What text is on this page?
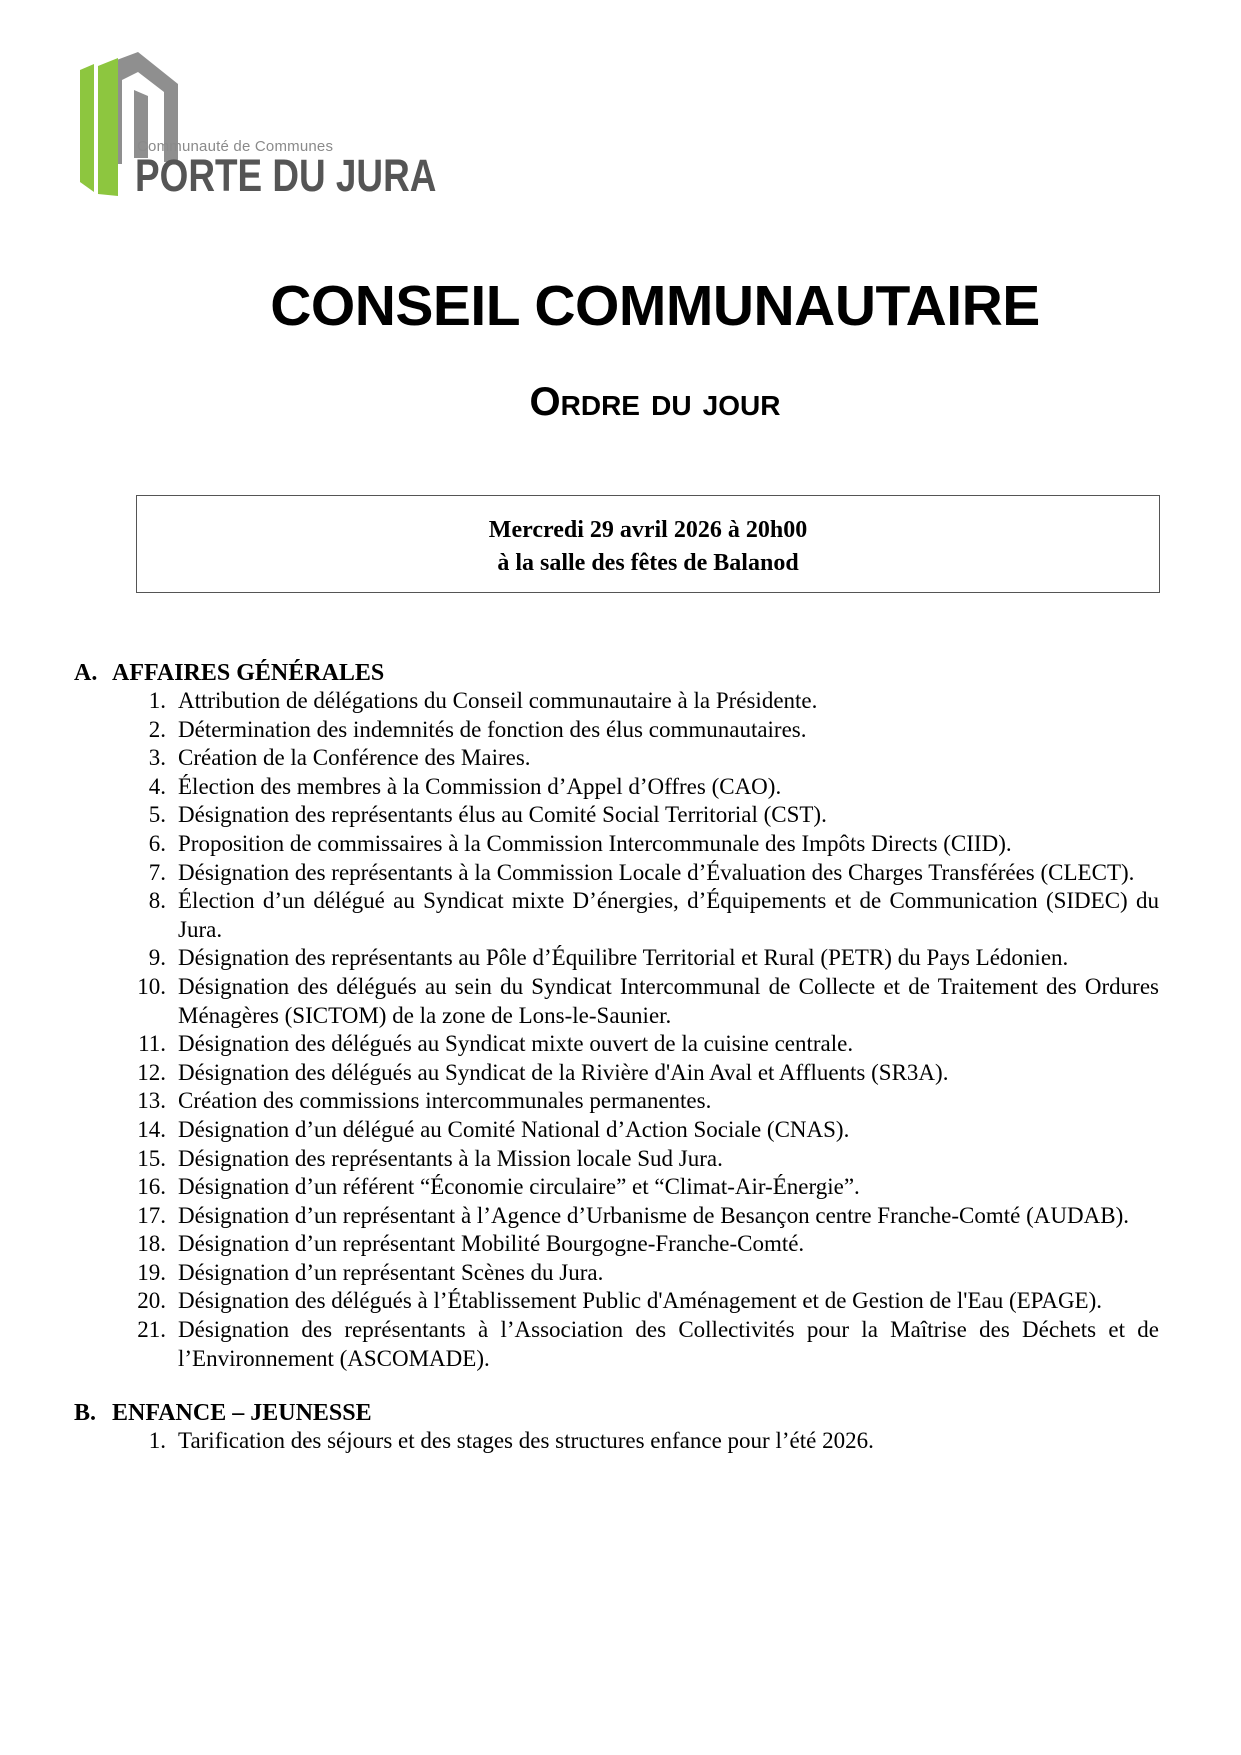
Communauté de Communes
PORTE DU JURA
CONSEIL COMMUNAUTAIRE
Ordre du jour
Mercredi 29 avril 2026 à 20h00
à la salle des fêtes de Balanod
A. AFFAIRES GÉNÉRALES
1. Attribution de délégations du Conseil communautaire à la Présidente.
2. Détermination des indemnités de fonction des élus communautaires.
3. Création de la Conférence des Maires.
4. Élection des membres à la Commission d’Appel d’Offres (CAO).
5. Désignation des représentants élus au Comité Social Territorial (CST).
6. Proposition de commissaires à la Commission Intercommunale des Impôts Directs (CIID).
7. Désignation des représentants à la Commission Locale d’Évaluation des Charges Transférées (CLECT).
8. Élection d’un délégué au Syndicat mixte D’énergies, d’Équipements et de Communication (SIDEC) du Jura.
9. Désignation des représentants au Pôle d’Équilibre Territorial et Rural (PETR) du Pays Lédonien.
10. Désignation des délégués au sein du Syndicat Intercommunal de Collecte et de Traitement des Ordures Ménagères (SICTOM) de la zone de Lons-le-Saunier.
11. Désignation des délégués au Syndicat mixte ouvert de la cuisine centrale.
12. Désignation des délégués au Syndicat de la Rivière d'Ain Aval et Affluents (SR3A).
13. Création des commissions intercommunales permanentes.
14. Désignation d’un délégué au Comité National d’Action Sociale (CNAS).
15. Désignation des représentants à la Mission locale Sud Jura.
16. Désignation d’un référent “Économie circulaire” et “Climat-Air-Énergie”.
17. Désignation d’un représentant à l’Agence d’Urbanisme de Besançon centre Franche-Comté (AUDAB).
18. Désignation d’un représentant Mobilité Bourgogne-Franche-Comté.
19. Désignation d’un représentant Scènes du Jura.
20. Désignation des délégués à l’Établissement Public d'Aménagement et de Gestion de l'Eau (EPAGE).
21. Désignation des représentants à l’Association des Collectivités pour la Maîtrise des Déchets et de l’Environnement (ASCOMADE).
B. ENFANCE – JEUNESSE
1. Tarification des séjours et des stages des structures enfance pour l’été 2026.
